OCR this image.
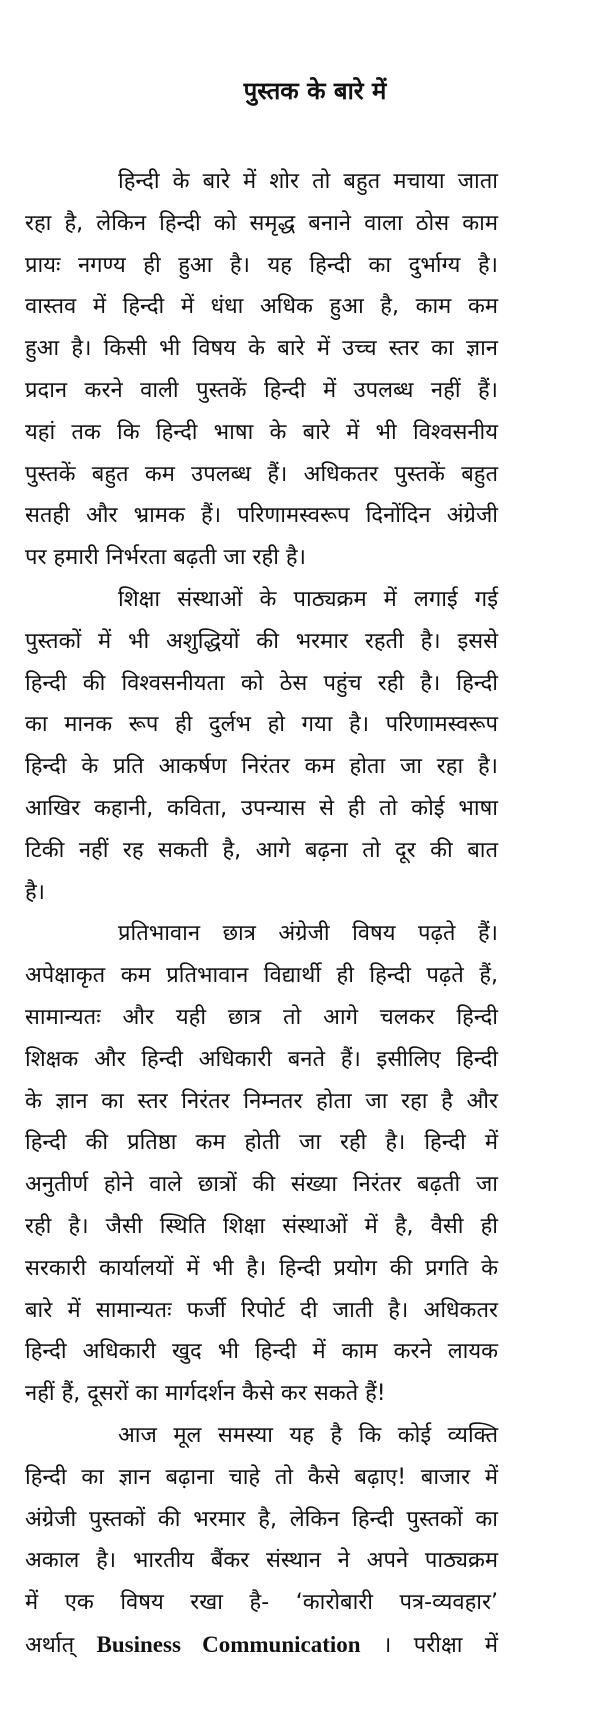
पुस्तक के बारे में
हिन्दी के बारे में शोर तो बहुत मचाया जाता
रहा है, लेकिन हिन्दी को समृद्ध बनाने वाला ठोस काम
प्रायः नगण्य ही हुआ है। यह हिन्दी का दुर्भाग्य है।
वास्तव में हिन्दी में धंधा अधिक हुआ है, काम कम
हुआ है। किसी भी विषय के बारे में उच्च स्तर का ज्ञान
प्रदान करने वाली पुस्तकें हिन्दी में उपलब्ध नहीं हैं।
यहां तक कि हिन्दी भाषा के बारे में भी विश्वसनीय
पुस्तकें बहुत कम उपलब्ध हैं। अधिकतर पुस्तकें बहुत
सतही और भ्रामक हैं। परिणामस्वरूप दिनोंदिन अंग्रेजी
पर हमारी निर्भरता बढ़ती जा रही है।
शिक्षा संस्थाओं के पाठ्यक्रम में लगाई गई
पुस्तकों में भी अशुद्धियों की भरमार रहती है। इससे
हिन्दी की विश्वसनीयता को ठेस पहुंच रही है। हिन्दी
का मानक रूप ही दुर्लभ हो गया है। परिणामस्वरूप
हिन्दी के प्रति आकर्षण निरंतर कम होता जा रहा है।
आखिर कहानी, कविता, उपन्यास से ही तो कोई भाषा
टिकी नहीं रह सकती है, आगे बढ़ना तो दूर की बात
है।
प्रतिभावान छात्र अंग्रेजी विषय पढ़ते हैं।
अपेक्षाकृत कम प्रतिभावान विद्यार्थी ही हिन्दी पढ़ते हैं,
सामान्यतः और यही छात्र तो आगे चलकर हिन्दी
शिक्षक और हिन्दी अधिकारी बनते हैं। इसीलिए हिन्दी
के ज्ञान का स्तर निरंतर निम्नतर होता जा रहा है और
हिन्दी की प्रतिष्ठा कम होती जा रही है। हिन्दी में
अनुतीर्ण होने वाले छात्रों की संख्या निरंतर बढ़ती जा
रही है। जैसी स्थिति शिक्षा संस्थाओं में है, वैसी ही
सरकारी कार्यालयों में भी है। हिन्दी प्रयोग की प्रगति के
बारे में सामान्यतः फर्जी रिपोर्ट दी जाती है। अधिकतर
हिन्दी अधिकारी खुद भी हिन्दी में काम करने लायक
नहीं हैं, दूसरों का मार्गदर्शन कैसे कर सकते हैं!
आज मूल समस्या यह है कि कोई व्यक्ति
हिन्दी का ज्ञान बढ़ाना चाहे तो कैसे बढ़ाए! बाजार में
अंग्रेजी पुस्तकों की भरमार है, लेकिन हिन्दी पुस्तकों का
अकाल है। भारतीय बैंकर संस्थान ने अपने पाठ्यक्रम
में एक विषय रखा है- ‘कारोबारी पत्र-व्यवहार’
अर्थात् Business Communication । परीक्षा में
